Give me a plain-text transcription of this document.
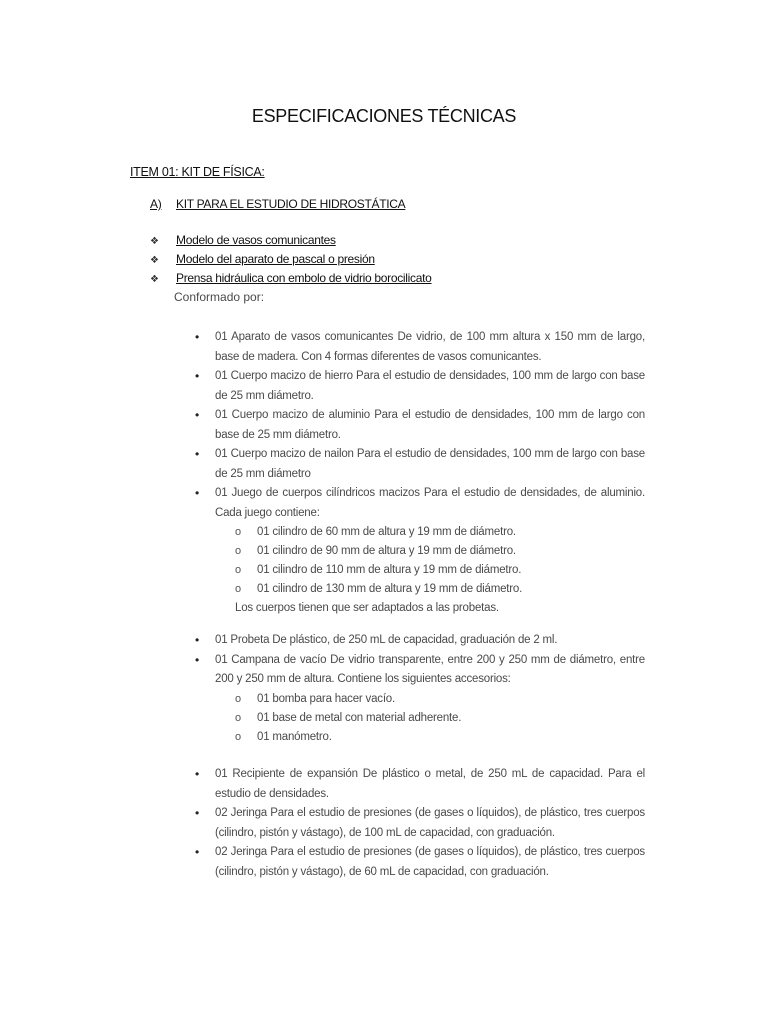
ESPECIFICACIONES TÉCNICAS
ITEM 01: KIT DE FÍSICA:
A) KIT PARA EL ESTUDIO DE HIDROSTÁTICA
❖ Modelo de vasos comunicantes
❖ Modelo del aparato de pascal o presión
❖ Prensa hidráulica con embolo de vidrio borocilicato
Conformado por:
• 01 Aparato de vasos comunicantes De vidrio, de 100 mm altura x 150 mm de largo, base de madera. Con 4 formas diferentes de vasos comunicantes.
• 01 Cuerpo macizo de hierro Para el estudio de densidades, 100 mm de largo con base de 25 mm diámetro.
• 01 Cuerpo macizo de aluminio Para el estudio de densidades, 100 mm de largo con base de 25 mm diámetro.
• 01 Cuerpo macizo de nailon Para el estudio de densidades, 100 mm de largo con base de 25 mm diámetro
• 01 Juego de cuerpos cilíndricos macizos Para el estudio de densidades, de aluminio. Cada juego contiene:
o 01 cilindro de 60 mm de altura y 19 mm de diámetro.
o 01 cilindro de 90 mm de altura y 19 mm de diámetro.
o 01 cilindro de 110 mm de altura y 19 mm de diámetro.
o 01 cilindro de 130 mm de altura y 19 mm de diámetro.
Los cuerpos tienen que ser adaptados a las probetas.
• 01 Probeta De plástico, de 250 mL de capacidad, graduación de 2 ml.
• 01 Campana de vacío De vidrio transparente, entre 200 y 250 mm de diámetro, entre 200 y 250 mm de altura. Contiene los siguientes accesorios:
o 01 bomba para hacer vacío.
o 01 base de metal con material adherente.
o 01 manómetro.
• 01 Recipiente de expansión De plástico o metal, de 250 mL de capacidad. Para el estudio de densidades.
• 02 Jeringa Para el estudio de presiones (de gases o líquidos), de plástico, tres cuerpos (cilindro, pistón y vástago), de 100 mL de capacidad, con graduación.
• 02 Jeringa Para el estudio de presiones (de gases o líquidos), de plástico, tres cuerpos (cilindro, pistón y vástago), de 60 mL de capacidad, con graduación.
